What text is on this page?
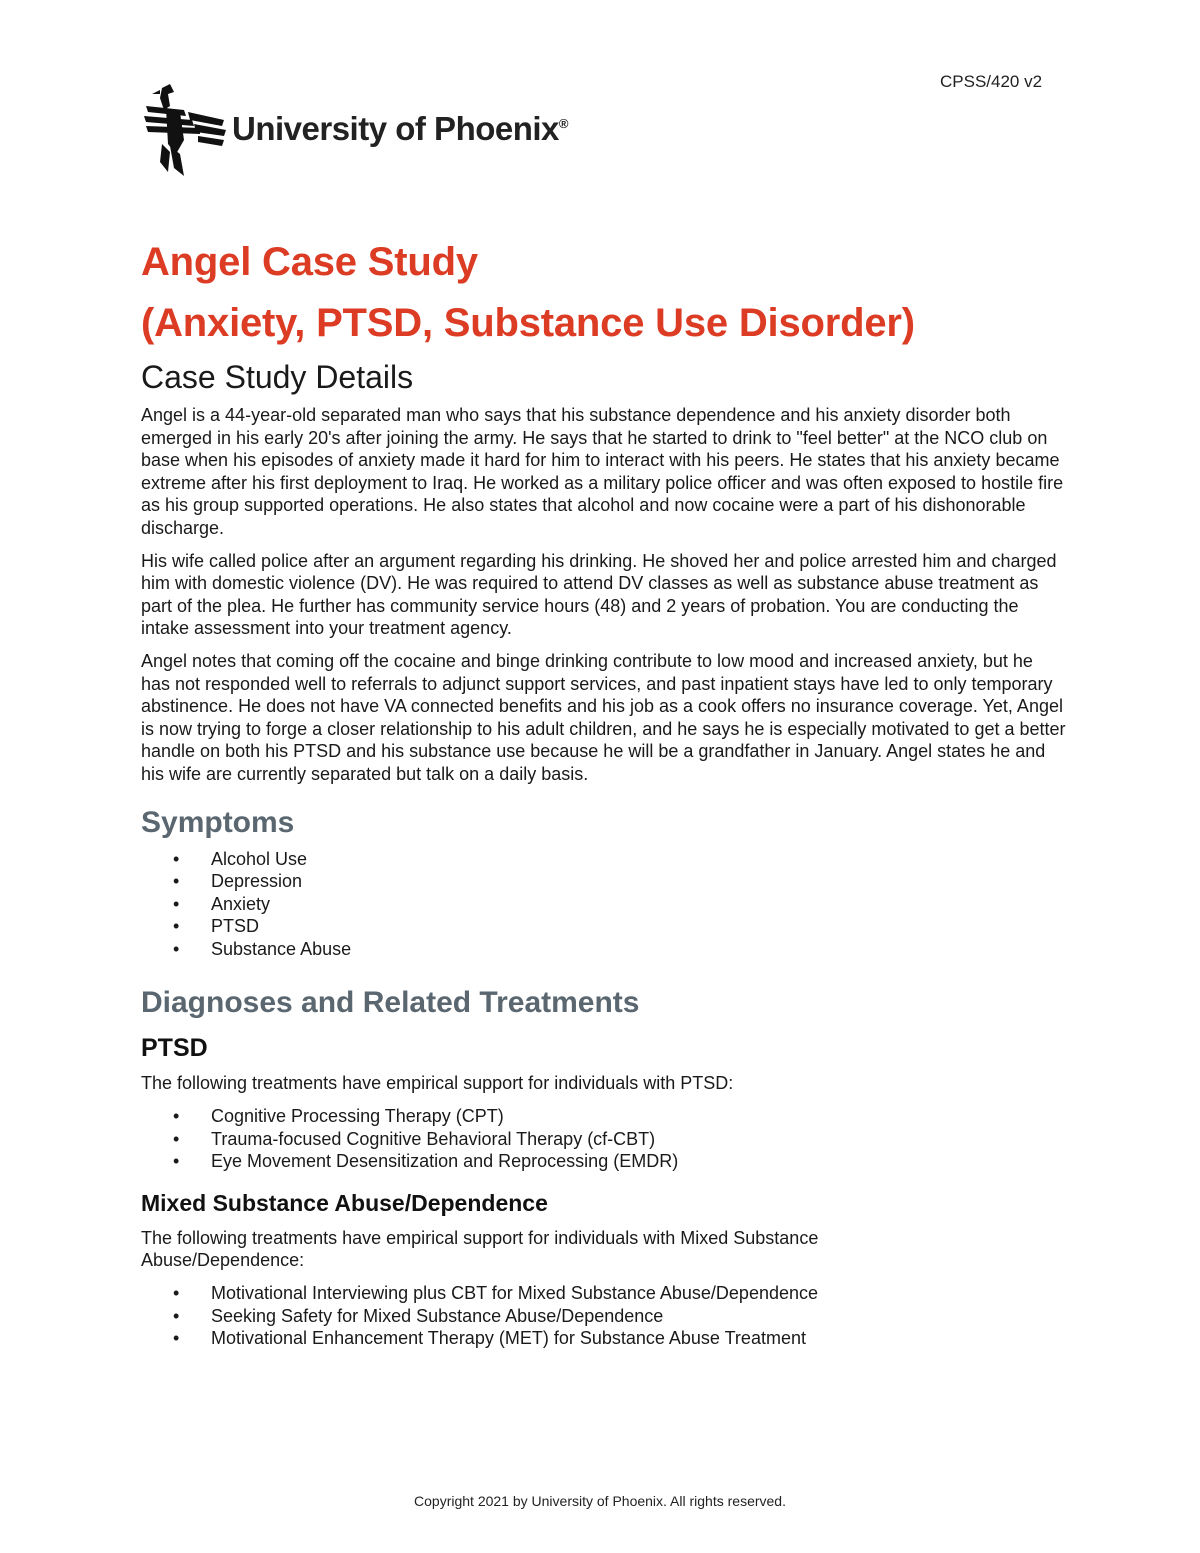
CPSS/420 v2
University of Phoenix®
Angel Case Study
(Anxiety, PTSD, Substance Use Disorder)
Case Study Details

Angel is a 44-year-old separated man who says that his substance dependence and his anxiety disorder both emerged in his early 20's after joining the army. He says that he started to drink to "feel better" at the NCO club on base when his episodes of anxiety made it hard for him to interact with his peers. He states that his anxiety became extreme after his first deployment to Iraq. He worked as a military police officer and was often exposed to hostile fire as his group supported operations. He also states that alcohol and now cocaine were a part of his dishonorable discharge.

His wife called police after an argument regarding his drinking. He shoved her and police arrested him and charged him with domestic violence (DV). He was required to attend DV classes as well as substance abuse treatment as part of the plea. He further has community service hours (48) and 2 years of probation. You are conducting the intake assessment into your treatment agency.

Angel notes that coming off the cocaine and binge drinking contribute to low mood and increased anxiety, but he has not responded well to referrals to adjunct support services, and past inpatient stays have led to only temporary abstinence. He does not have VA connected benefits and his job as a cook offers no insurance coverage. Yet, Angel is now trying to forge a closer relationship to his adult children, and he says he is especially motivated to get a better handle on both his PTSD and his substance use because he will be a grandfather in January. Angel states he and his wife are currently separated but talk on a daily basis.

Symptoms
• Alcohol Use
• Depression
• Anxiety
• PTSD
• Substance Abuse
Diagnoses and Related Treatments
PTSD

The following treatments have empirical support for individuals with PTSD:

• Cognitive Processing Therapy (CPT)
• Trauma-focused Cognitive Behavioral Therapy (cf-CBT)
• Eye Movement Desensitization and Reprocessing (EMDR)
Mixed Substance Abuse/Dependence

The following treatments have empirical support for individuals with Mixed Substance Abuse/Dependence:

• Motivational Interviewing plus CBT for Mixed Substance Abuse/Dependence
• Seeking Safety for Mixed Substance Abuse/Dependence
• Motivational Enhancement Therapy (MET) for Substance Abuse Treatment
Copyright 2021 by University of Phoenix. All rights reserved.
